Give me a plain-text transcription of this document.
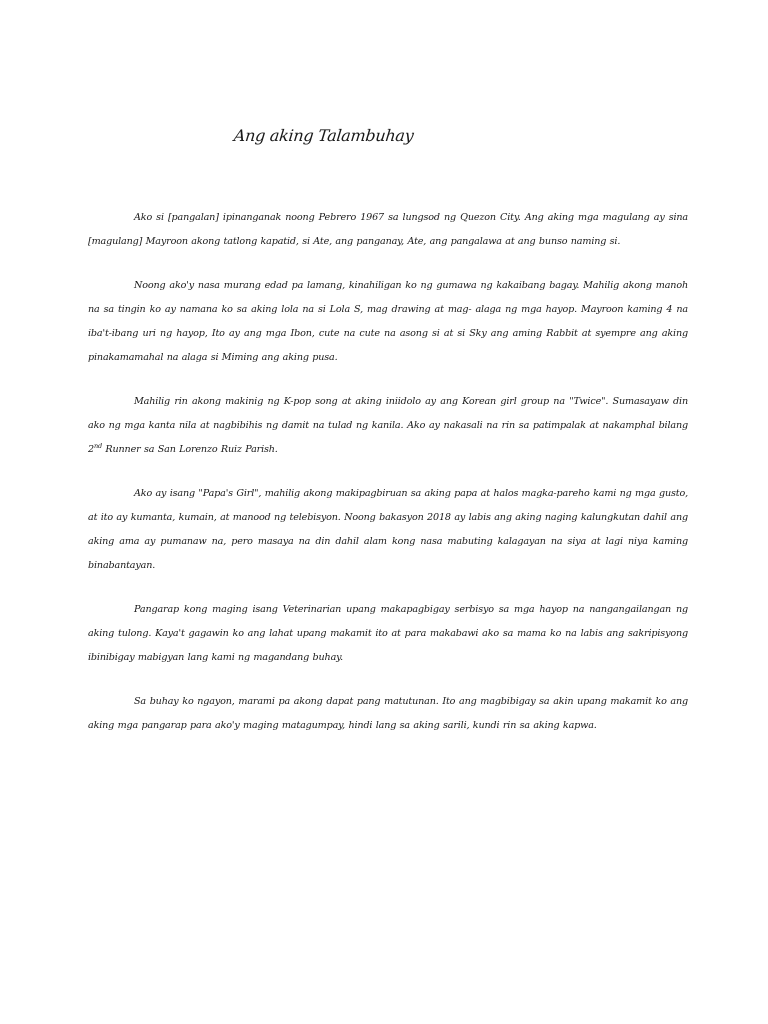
Ang aking Talambuhay

Ako si [pangalan] ipinanganak noong Pebrero 1967 sa lungsod ng Quezon City. Ang aking mga magulang ay sina [magulang] Mayroon akong tatlong kapatid, si Ate, ang panganay, Ate, ang pangalawa at ang bunso naming si.

Noong ako'y nasa murang edad pa lamang, kinahiligan ko ng gumawa ng kakaibang bagay. Mahilig akong manoh na sa tingin ko ay namana ko sa aking lola na si Lola S, mag drawing at mag- alaga ng mga hayop. Mayroon kaming 4 na iba't-ibang uri ng hayop, Ito ay ang mga Ibon, cute na cute na asong si at si Sky ang aming Rabbit at syempre ang aking pinakamamahal na alaga si Miming ang aking pusa.

Mahilig rin akong makinig ng K-pop song at aking iniidolo ay ang Korean girl group na "Twice". Sumasayaw din ako ng mga kanta nila at nagbibihis ng damit na tulad ng kanila. Ako ay nakasali na rin sa patimpalak at nakamphal bilang 2nd Runner sa San Lorenzo Ruiz Parish.

Ako ay isang "Papa's Girl", mahilig akong makipagbiruan sa aking papa at halos magka-pareho kami ng mga gusto, at ito ay kumanta, kumain, at manood ng telebisyon. Noong bakasyon 2018 ay labis ang aking naging kalungkutan dahil ang aking ama ay pumanaw na, pero masaya na din dahil alam kong nasa mabuting kalagayan na siya at lagi niya kaming binabantayan.

Pangarap kong maging isang Veterinarian upang makapagbigay serbisyo sa mga hayop na nangangailangan ng aking tulong. Kaya't gagawin ko ang lahat upang makamit ito at para makabawi ako sa mama ko na labis ang sakripisyong ibinibigay mabigyan lang kami ng magandang buhay.

Sa buhay ko ngayon, marami pa akong dapat pang matutunan. Ito ang magbibigay sa akin upang makamit ko ang aking mga pangarap para ako'y maging matagumpay, hindi lang sa aking sarili, kundi rin sa aking kapwa.
